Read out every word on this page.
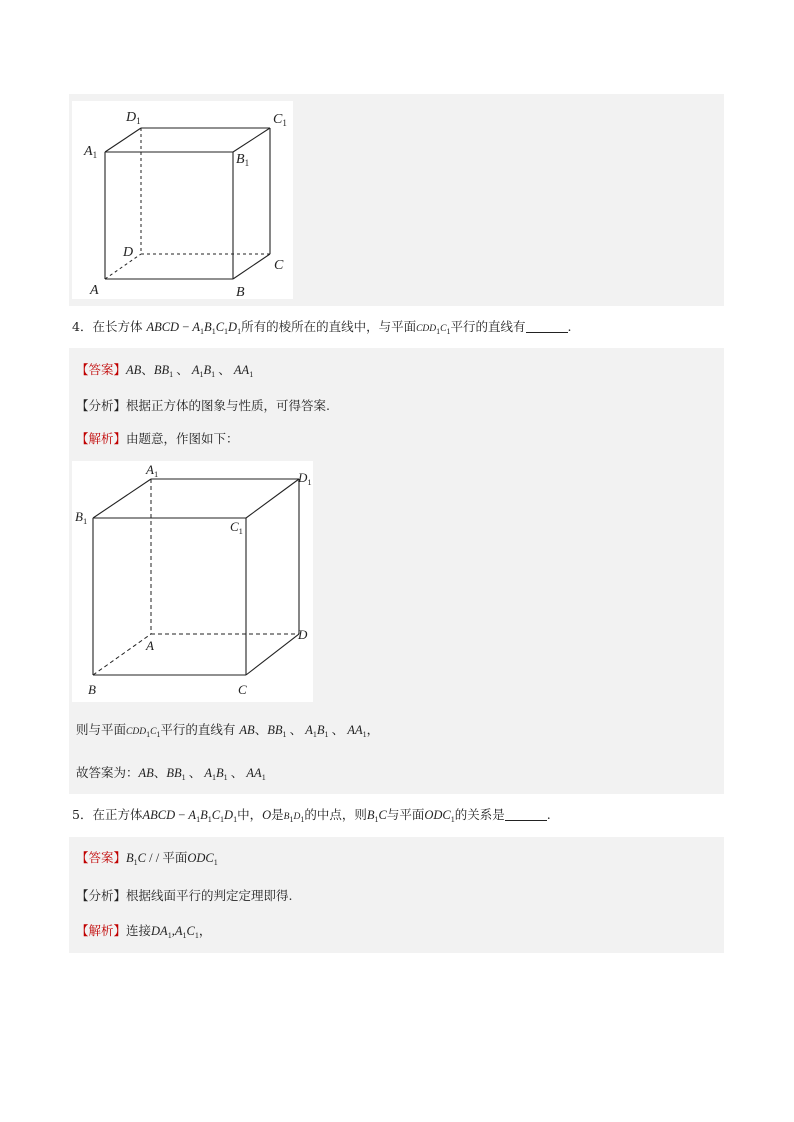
$D_1$	$C_1$
$A_1$	$B_1$
D
C
A	B
4．在长方体 ABCD − $A_1B_1C_1D_1$所有的棱所在的直线中，与平面$CDD_1C_1$平行的直线有	.
【答案】AB、$BB_1$ 、 $A_1B_1$ 、 $AA_1$
【分析】根据正方体的图象与性质，可得答案.
【解析】由题意，作图如下：
$A_1$	$D_1$
$B_1$	$C_1$
A
D
B	C
则与平面$CDD_1C_1$平行的直线有 AB、$BB_1$ 、 $A_1B_1$ 、 $AA_1$，
故答案为：AB、$BB_1$ 、 $A_1B_1$ 、 $AA_1$
5．在正方体ABCD − $A_1B_1C_1D_1$中，O是$B_1D_1$的中点，则$B_1C$与平面$ODC_1$的关系是	.
【答案】$B_1C$ / / 平面$ODC_1$
【分析】根据线面平行的判定定理即得.
【解析】连接$DA_1,A_1C_1$，
